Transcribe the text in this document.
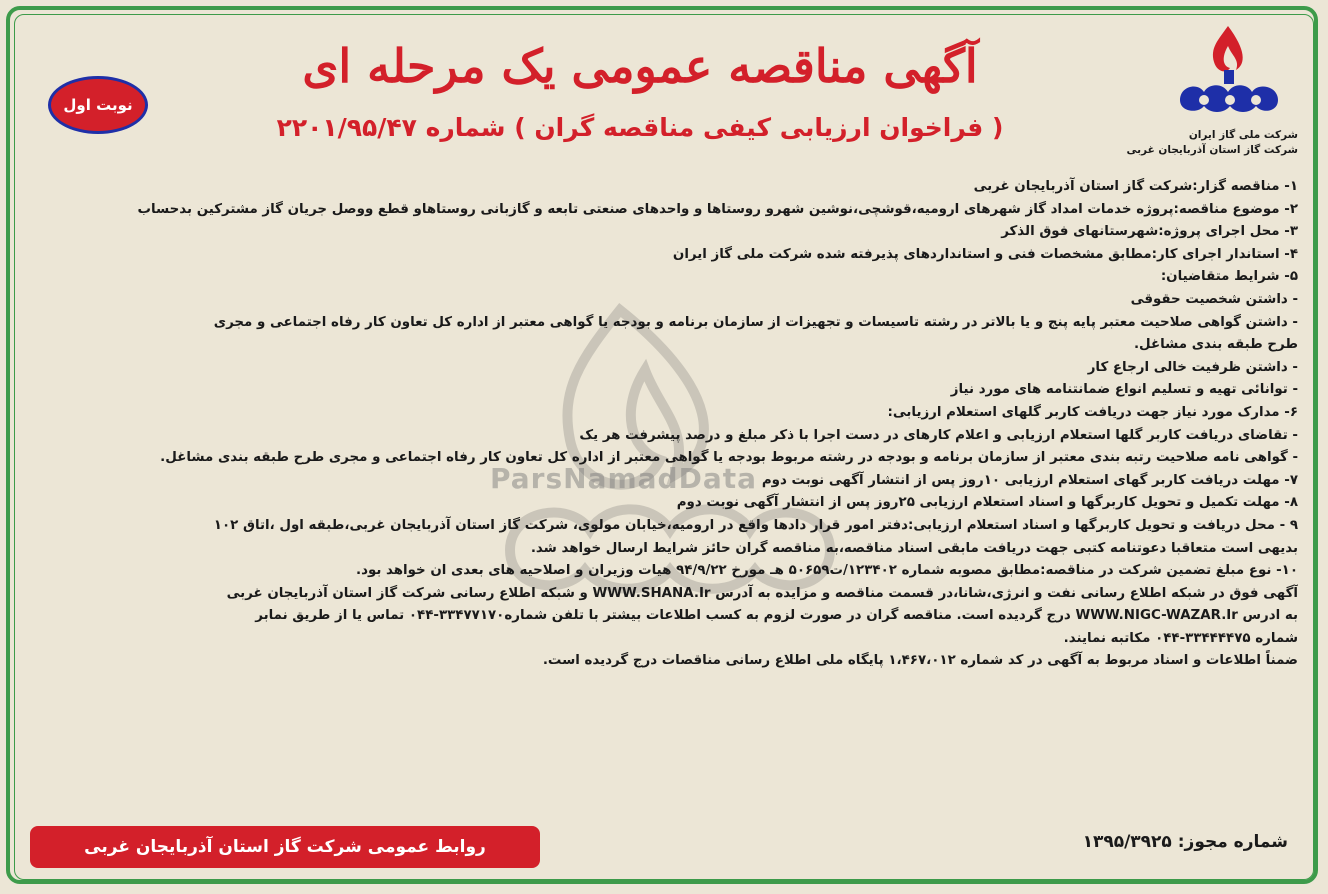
شرکت ملی گاز ایران
شرکت گاز استان آذربایجان غربی
نوبت اول
آگهی مناقصه عمومی یک مرحله ای
( فراخوان ارزیابی کیفی مناقصه گران ) شماره ۲۲۰۱/۹۵/۴۷
ParsNamadData
۱- مناقصه گزار:شرکت گاز استان آذربایجان غربی
۲- موضوع مناقصه:پروژه خدمات امداد گاز شهرهای ارومیه،قوشچی،نوشین شهرو روستاها و واحدهای صنعتی تابعه و گازبانی روستاهاو قطع ووصل جریان گاز مشترکین بدحساب
۳- محل اجرای پروژه:شهرستانهای فوق الذکر
۴- استاندار اجرای کار:مطابق مشخصات فنی و استانداردهای پذیرفته شده شرکت ملی گاز ایران
۵- شرایط متقاضیان:
- داشتن شخصیت حقوقی
- داشتن گواهی صلاحیت معتبر پایه پنج و یا بالاتر در رشته تاسیسات و تجهیزات از سازمان برنامه و بودجه یا گواهی معتبر از اداره کل تعاون کار رفاه اجتماعی و مجری
طرح طبقه بندی مشاغل.
- داشتن ظرفیت خالی ارجاع کار
- توانائی تهیه و تسلیم انواع ضمانتنامه های مورد نیاز
۶- مدارک مورد نیاز جهت دریافت کاربر گلهای استعلام ارزیابی:
- تقاضای دریافت کاربر گلها استعلام ارزیابی و اعلام کارهای در دست اجرا با ذکر مبلغ و درصد پیشرفت هر یک
- گواهی نامه صلاحیت رتبه بندی معتبر از سازمان برنامه و بودجه در رشته مربوط بودجه یا گواهی معتبر از اداره کل تعاون کار رفاه اجتماعی و مجری طرح طبقه بندی مشاغل.
۷- مهلت دریافت کاربر گهای استعلام ارزیابی ۱۰روز پس از انتشار آگهی نوبت دوم
۸- مهلت تکمیل و تحویل کاربرگها و اسناد استعلام ارزیابی ۲۵روز پس از انتشار آگهی نوبت دوم
۹ - محل دریافت و تحویل کاربرگها و اسناد استعلام ارزیابی:دفتر امور قرار دادها واقع در ارومیه،خیابان مولوی، شرکت گاز استان آذربایجان غربی،طبقه اول ،اتاق ۱۰۲
بدیهی است متعاقبا دعوتنامه کتبی جهت دریافت مابقی اسناد مناقصه،به مناقصه گران حائز شرایط ارسال خواهد شد.
۱۰- نوع مبلغ تضمین شرکت در مناقصه:مطابق مصوبه شماره ۱۲۳۴۰۲/ت۵۰۶۵۹ هـ مورخ ۹۴/۹/۲۲ هیات وزیران و اصلاحیه های بعدی ان خواهد بود.
آگهی فوق در شبکه اطلاع رسانی نفت و انرژی،شانا،در قسمت مناقصه و مزایده به آدرس WWW.SHANA.Ir و شبکه اطلاع رسانی شرکت گاز استان آذربایجان غربی
به ادرس WWW.NIGC-WAZAR.Ir درج گردیده است. مناقصه گران در صورت لزوم به کسب اطلاعات بیشتر با تلفن شماره۳۳۴۷۷۱۷۰-۰۴۴ تماس یا از طریق نمابر
شماره ۳۳۴۴۴۴۷۵-۰۴۴ مکاتبه نمایند.
ضمناً اطلاعات و اسناد مربوط به آگهی در کد شماره ۱،۴۶۷،۰۱۲ پایگاه ملی اطلاع رسانی مناقصات درج گردیده است.
روابط عمومی شرکت گاز استان آذربایجان غربی	شماره مجوز: ۱۳۹۵/۳۹۲۵
